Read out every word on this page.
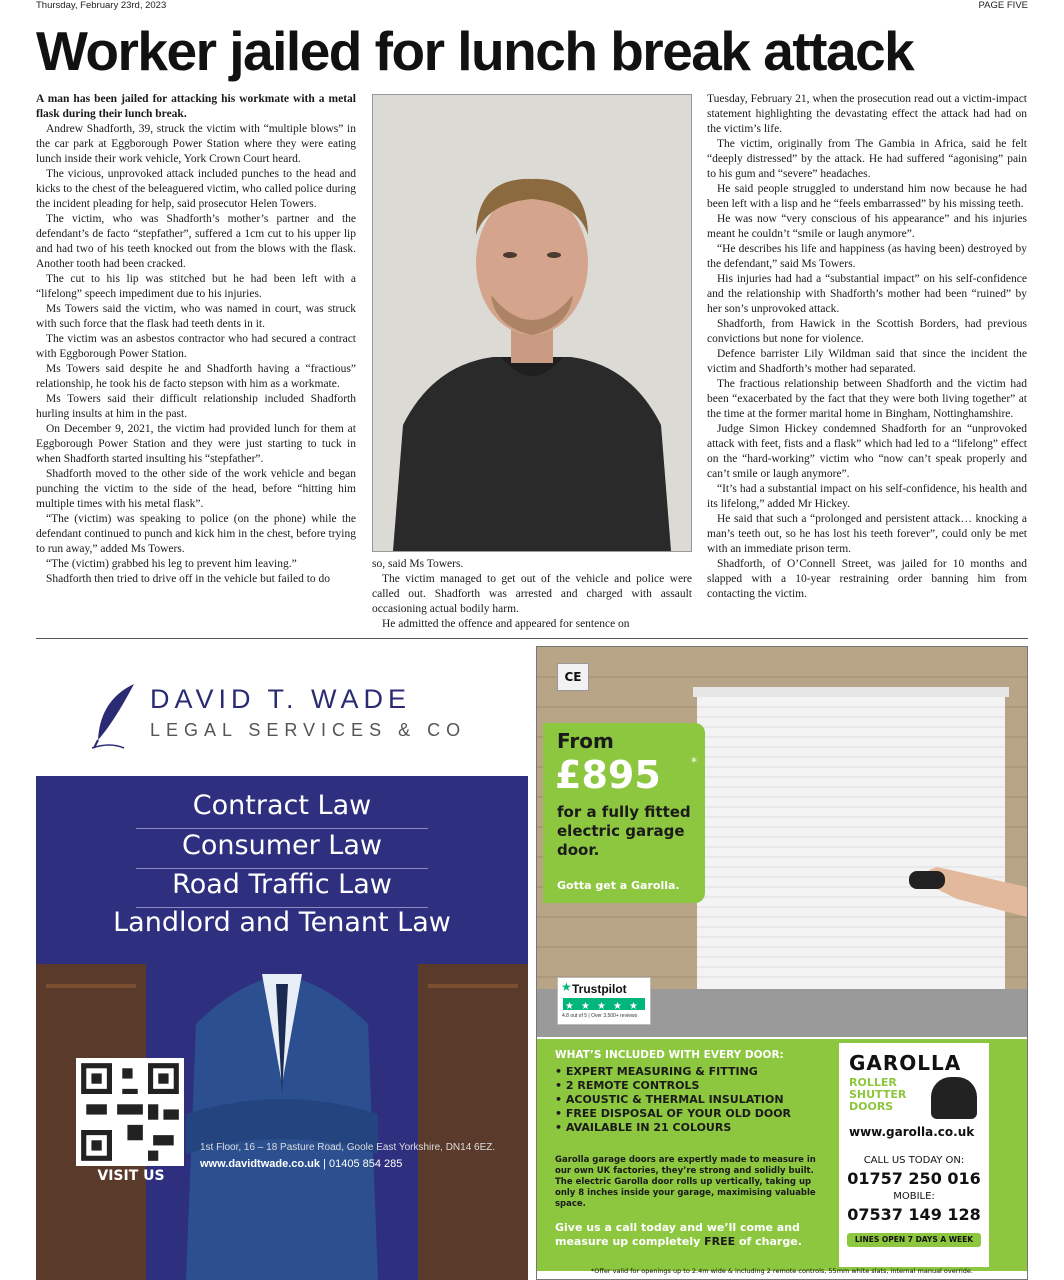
Thursday, February 23rd, 2023	PAGE FIVE
Worker jailed for lunch break attack

A man has been jailed for attacking his workmate with a metal flask during their lunch break.

Andrew Shadforth, 39, struck the victim with “multiple blows” in the car park at Eggborough Power Station where they were eating lunch inside their work vehicle, York Crown Court heard.

The vicious, unprovoked attack included punches to the head and kicks to the chest of the beleaguered victim, who called police during the incident pleading for help, said prosecutor Helen Towers.

The victim, who was Shadforth’s mother’s partner and the defendant’s de facto “stepfather”, suffered a 1cm cut to his upper lip and had two of his teeth knocked out from the blows with the flask. Another tooth had been cracked.

The cut to his lip was stitched but he had been left with a “lifelong” speech impediment due to his injuries.

Ms Towers said the victim, who was named in court, was struck with such force that the flask had teeth dents in it.

The victim was an asbestos contractor who had secured a contract with Eggborough Power Station.

Ms Towers said despite he and Shadforth having a “fractious” relationship, he took his de facto stepson with him as a workmate.

Ms Towers said their difficult relationship included Shadforth hurling insults at him in the past.

On December 9, 2021, the victim had provided lunch for them at Eggborough Power Station and they were just starting to tuck in when Shadforth started insulting his “stepfather”.

Shadforth moved to the other side of the work vehicle and began punching the victim to the side of the head, before “hitting him multiple times with his metal flask”.

“The (victim) was speaking to police (on the phone) while the defendant continued to punch and kick him in the chest, before trying to run away,” added Ms Towers.

“The (victim) grabbed his leg to prevent him leaving.”

Shadforth then tried to drive off in the vehicle but failed to do

so, said Ms Towers.

The victim managed to get out of the vehicle and police were called out. Shadforth was arrested and charged with assault occasioning actual bodily harm.

He admitted the offence and appeared for sentence on

Tuesday, February 21, when the prosecution read out a victim-impact statement highlighting the devastating effect the attack had had on the victim’s life.

The victim, originally from The Gambia in Africa, said he felt “deeply distressed” by the attack. He had suffered “agonising” pain to his gum and “severe” headaches.

He said people struggled to understand him now because he had been left with a lisp and he “feels embarrassed” by his missing teeth.

He was now “very conscious of his appearance” and his injuries meant he couldn’t “smile or laugh anymore”.

“He describes his life and happiness (as having been) destroyed by the defendant,” said Ms Towers.

His injuries had had a “substantial impact” on his self-confidence and the relationship with Shadforth’s mother had been “ruined” by her son’s unprovoked attack.

Shadforth, from Hawick in the Scottish Borders, had previous convictions but none for violence.

Defence barrister Lily Wildman said that since the incident the victim and Shadforth’s mother had separated.

The fractious relationship between Shadforth and the victim had been “exacerbated by the fact that they were both living together” at the time at the former marital home in Bingham, Nottinghamshire.

Judge Simon Hickey condemned Shadforth for an “unprovoked attack with feet, fists and a flask” which had led to a “lifelong” effect on the “hard-working” victim who “now can’t speak properly and can’t smile or laugh anymore”.

“It’s had a substantial impact on his self-confidence, his health and its lifelong,” added Mr Hickey.

He said that such a “prolonged and persistent attack… knocking a man’s teeth out, so he has lost his teeth forever”, could only be met with an immediate prison term.

Shadforth, of O’Connell Street, was jailed for 10 months and slapped with a 10-year restraining order banning him from contacting the victim.

DAVID T. WADE
LEGAL SERVICES & CO
Contract Law
Consumer Law
Road Traffic Law
Landlord and Tenant Law
VISIT US
1st Floor, 16 – 18 Pasture Road, Goole East Yorkshire, DN14 6EZ.
www.davidtwade.co.uk | 01405 854 285
CE
From
£895	*
for a fully fitted electric garage door.
Gotta get a Garolla.
★ Trustpilot
★ ★ ★ ★ ★
4.8 out of 5 | Over 3,500+ reviews
WHAT’S INCLUDED WITH EVERY DOOR:
• EXPERT MEASURING & FITTING
• 2 REMOTE CONTROLS
• ACOUSTIC & THERMAL INSULATION
• FREE DISPOSAL OF YOUR OLD DOOR
• AVAILABLE IN 21 COLOURS
Garolla garage doors are expertly made to measure in our own UK factories, they’re strong and solidly built. The electric Garolla door rolls up vertically, taking up only 8 inches inside your garage, maximising valuable space.
Give us a call today and we’ll come and measure up completely FREE of charge.
GAROLLA
ROLLER
SHUTTER
DOORS
www.garolla.co.uk
CALL US TODAY ON:
01757 250 016
MOBILE:
07537 149 128
LINES OPEN 7 DAYS A WEEK
*Offer valid for openings up to 2.4m wide & including 2 remote controls, 55mm white slats, internal manual override.
